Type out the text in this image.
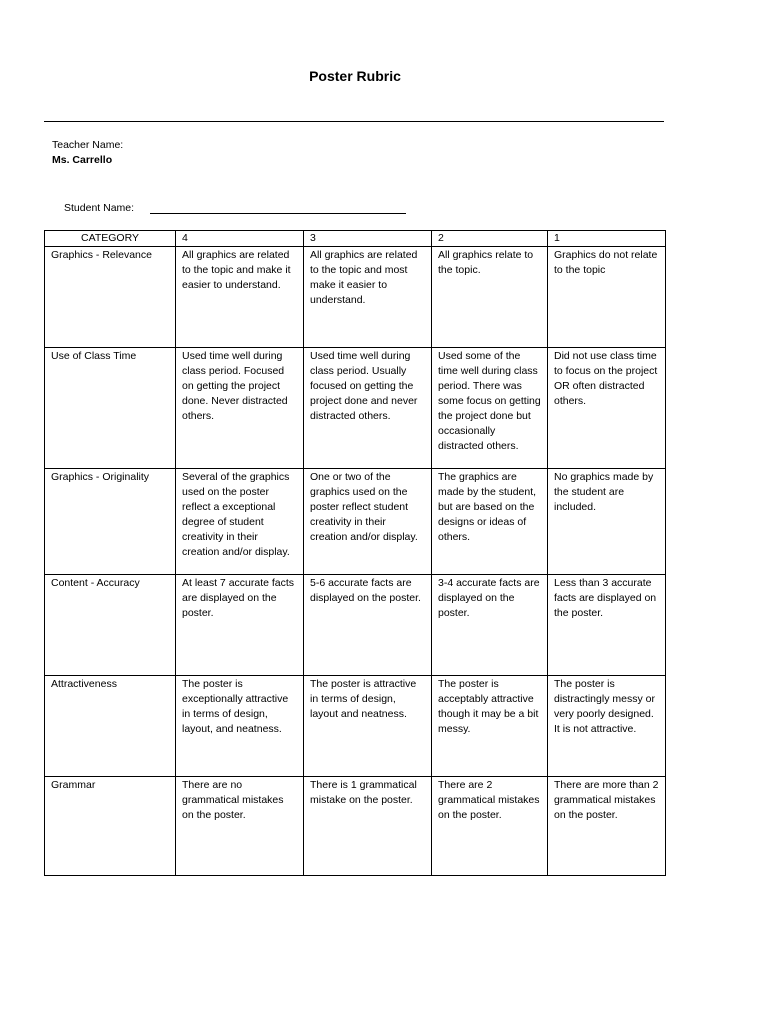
Poster Rubric
Teacher Name:
Ms. Carrello
Student Name:
CATEGORY	4	3	2	1
Graphics - Relevance	All graphics are related to the topic and make it easier to understand.	All graphics are related to the topic and most make it easier to understand.	All graphics relate to the topic.	Graphics do not relate to the topic
Use of Class Time	Used time well during class period. Focused on getting the project done. Never distracted others.	Used time well during class period. Usually focused on getting the project done and never distracted others.	Used some of the time well during class period. There was some focus on getting the project done but occasionally distracted others.	Did not use class time to focus on the project OR often distracted others.
Graphics - Originality	Several of the graphics used on the poster reflect a exceptional degree of student creativity in their creation and/or display.	One or two of the graphics used on the poster reflect student creativity in their creation and/or display.	The graphics are made by the student, but are based on the designs or ideas of others.	No graphics made by the student are included.
Content - Accuracy	At least 7 accurate facts are displayed on the poster.	5-6 accurate facts are displayed on the poster.	3-4 accurate facts are displayed on the poster.	Less than 3 accurate facts are displayed on the poster.
Attractiveness	The poster is exceptionally attractive in terms of design, layout, and neatness.	The poster is attractive in terms of design, layout and neatness.	The poster is acceptably attractive though it may be a bit messy.	The poster is distractingly messy or very poorly designed. It is not attractive.
Grammar	There are no grammatical mistakes on the poster.	There is 1 grammatical mistake on the poster.	There are 2 grammatical mistakes on the poster.	There are more than 2 grammatical mistakes on the poster.
